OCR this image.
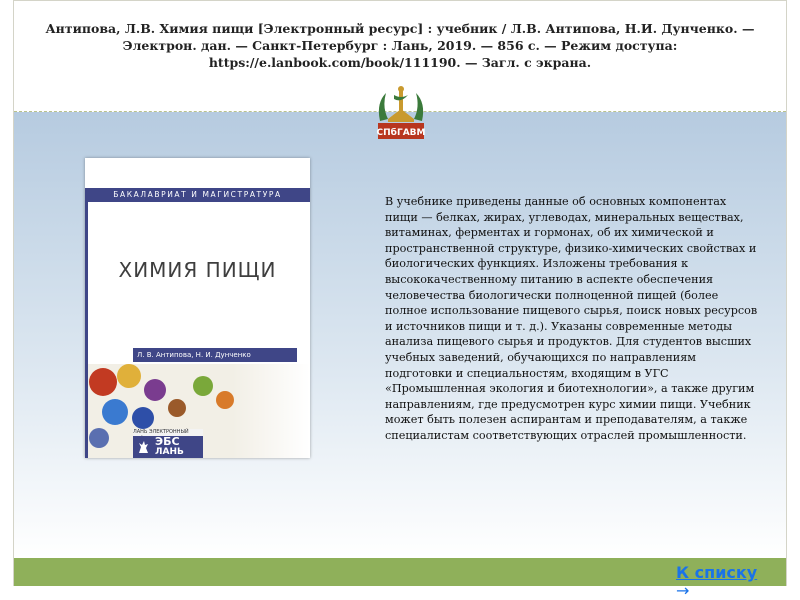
Антипова, Л.В. Химия пищи [Электронный ресурс] : учебник / Л.В. Антипова, Н.И. Дунченко. —
Электрон. дан. — Санкт-Петербург : Лань, 2019. — 856 с. — Режим доступа:
https://e.lanbook.com/book/111190. — Загл. с экрана.
СПбГАВМ
БАКАЛАВРИАТ И МАГИСТРАТУРА
ХИМИЯ ПИЩИ
Л. В. Антипова, Н. И. Дунченко
ЛАНЬ ЭЛЕКТРОННЫЙ
ЭБС
ЛАНЬ
В учебнике приведены данные об основных компонентах
пищи — белках, жирах, углеводах, минеральных веществах,
витаминах, ферментах и гормонах, об их химической и
пространственной структуре, физико-химических свойствах и
биологических функциях. Изложены требования к
высококачественному питанию в аспекте обеспечения
человечества биологически полноценной пищей (более
полное использование пищевого сырья, поиск новых ресурсов
и источников пищи и т. д.). Указаны современные методы
анализа пищевого сырья и продуктов. Для студентов высших
учебных заведений, обучающихся по направлениям
подготовки и специальностям, входящим в УГС
«Промышленная экология и биотехнологии», а также другим
направлениям, где предусмотрен курс химии пищи. Учебник
может быть полезен аспирантам и преподавателям, а также
специалистам соответствующих отраслей промышленности.
К списку
→
